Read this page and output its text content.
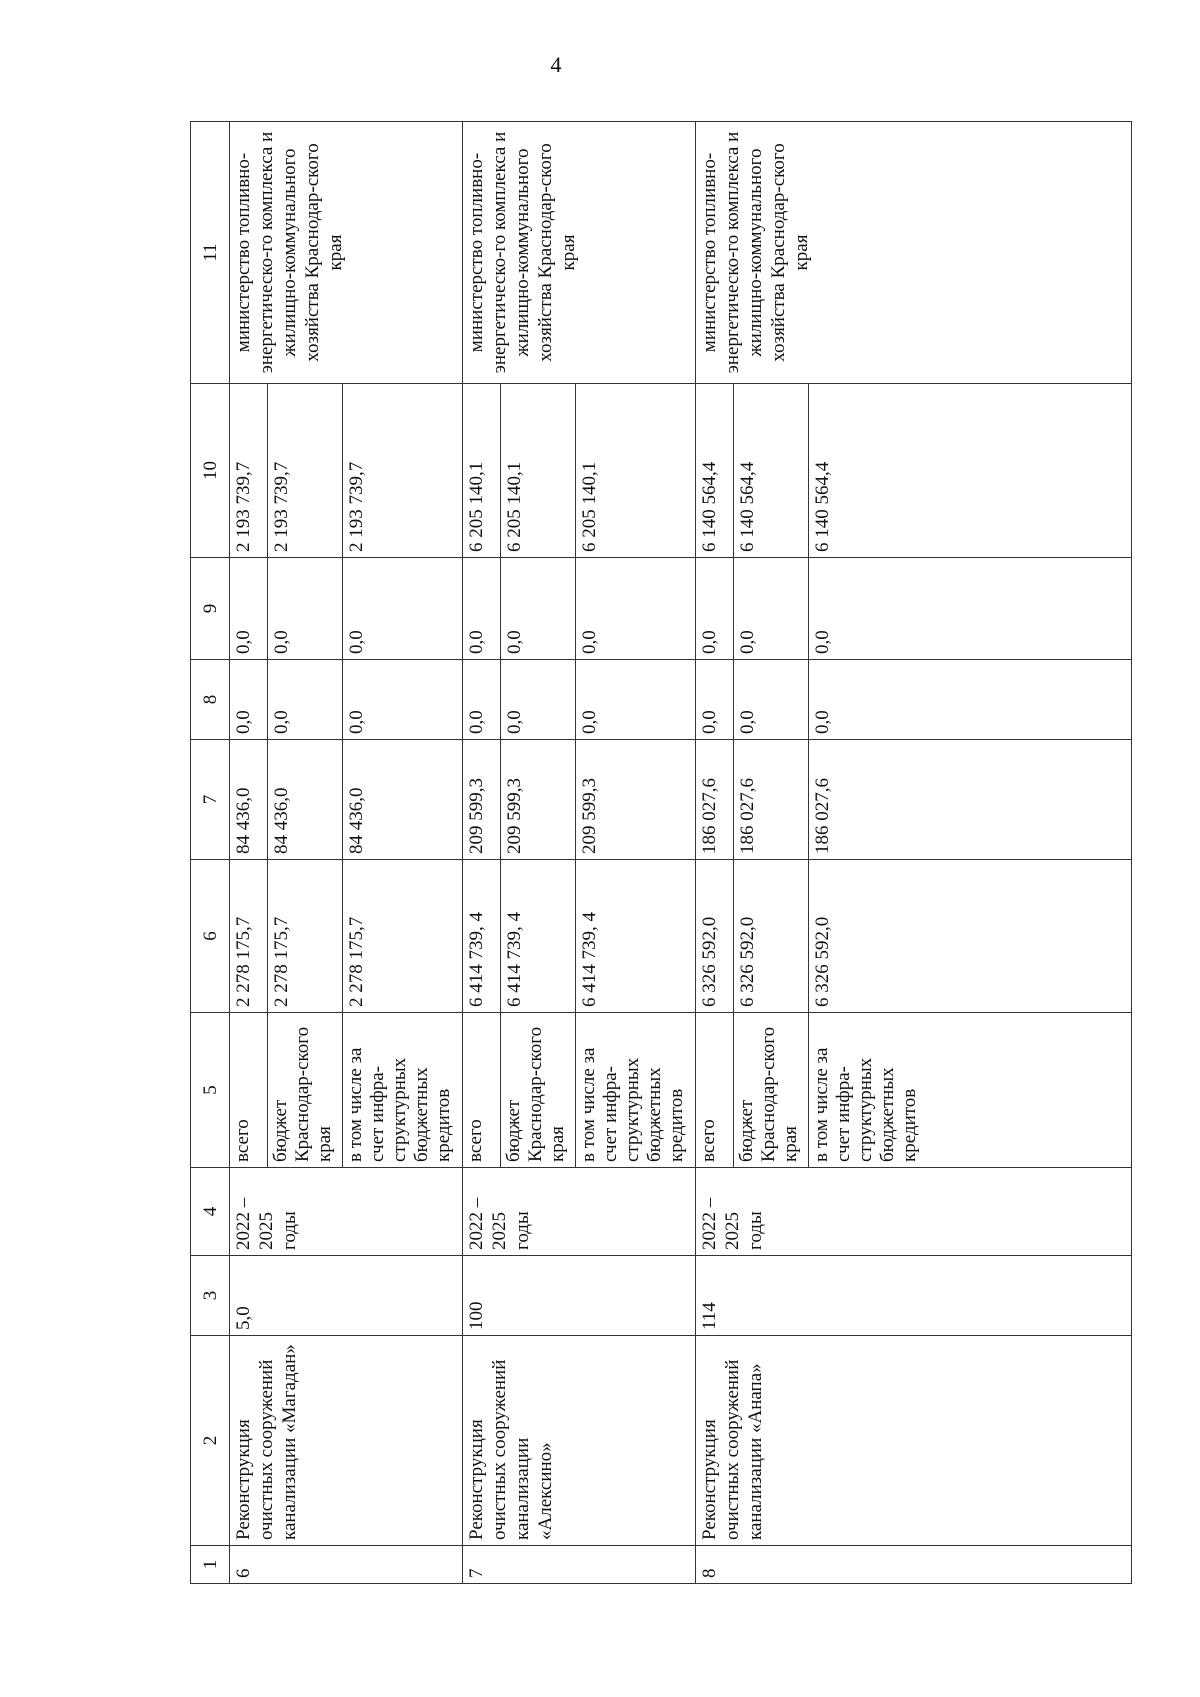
4
1	2	3	4	5	6	7	8	9	10	11
6	Реконструкция очистных сооружений канализации «Магадан»	5,0	2022 – 2025 годы	всего	2 278 175,7	84 436,0	0,0	0,0	2 193 739,7	министерство топливно-энергетическо-го комплекса и жилищно-коммунального хозяйства Краснодар-ского края
				бюджет Краснодар-ского края	2 278 175,7	84 436,0	0,0	0,0	2 193 739,7	
				в том числе за счет инфра-структурных бюджетных кредитов	2 278 175,7	84 436,0	0,0	0,0	2 193 739,7	
7	Реконструкция очистных сооружений канализации «Алексино»	100	2022 – 2025 годы	всего	6 414 739, 4	209 599,3	0,0	0,0	6 205 140,1	министерство топливно-энергетическо-го комплекса и жилищно-коммунального хозяйства Краснодар-ского края
				бюджет Краснодар-ского края	6 414 739, 4	209 599,3	0,0	0,0	6 205 140,1	
				в том числе за счет инфра-структурных бюджетных кредитов	6 414 739, 4	209 599,3	0,0	0,0	6 205 140,1	
8	Реконструкция очистных сооружений канализации «Анапа»	114	2022 – 2025 годы	всего	6 326 592,0	186 027,6	0,0	0,0	6 140 564,4	министерство топливно-энергетическо-го комплекса и жилищно-коммунального хозяйства Краснодар-ского края
				бюджет Краснодар-ского края	6 326 592,0	186 027,6	0,0	0,0	6 140 564,4	
				в том числе за счет инфра-структурных бюджетных кредитов	6 326 592,0	186 027,6	0,0	0,0	6 140 564,4	
